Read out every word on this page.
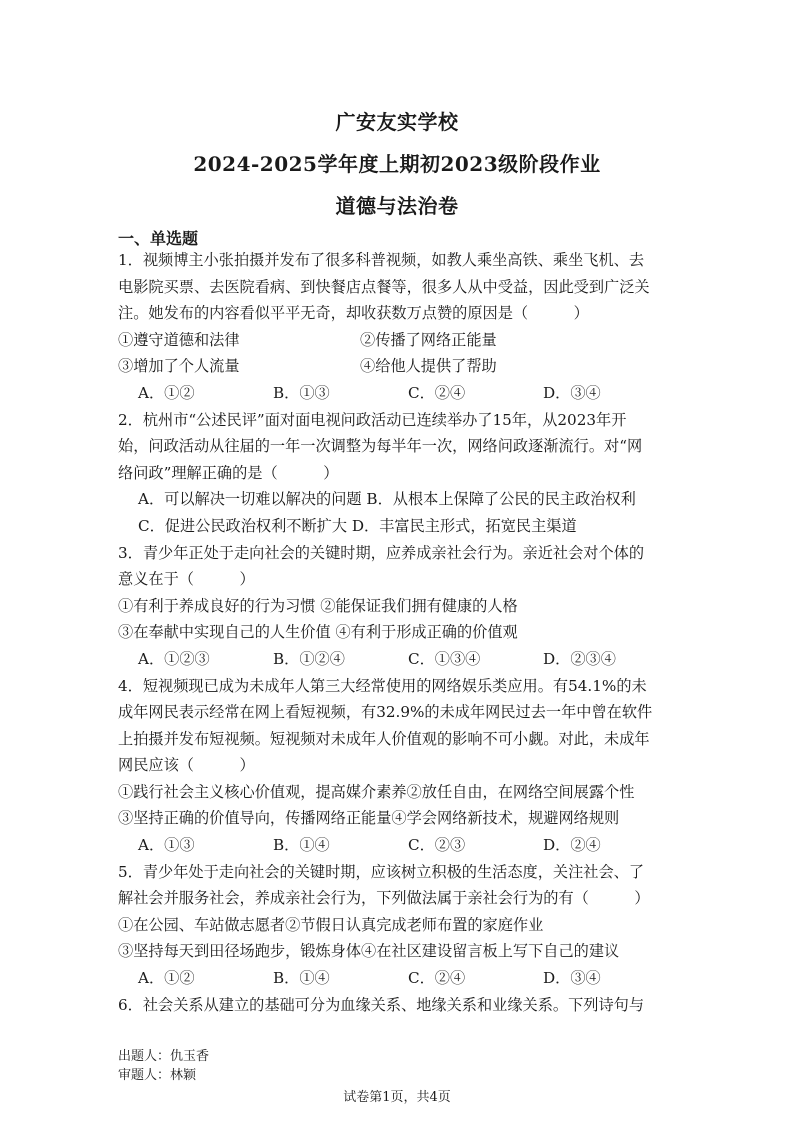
广安友实学校
2024-2025学年度上期初2023级阶段作业
道德与法治卷
一、单选题
1．视频博主小张拍摄并发布了很多科普视频，如教人乘坐高铁、乘坐飞机、去
电影院买票、去医院看病、到快餐店点餐等，很多人从中受益，因此受到广泛关
注。她发布的内容看似平平无奇，却收获数万点赞的原因是（　　　）
①遵守道德和法律	②传播了网络正能量
③增加了个人流量	④给他人提供了帮助
A．①②	B．①③	C．②④	D．③④
2．杭州市“公述民评”面对面电视问政活动已连续举办了15年，从2023年开
始，问政活动从往届的一年一次调整为每半年一次，网络问政逐渐流行。对“网
络问政”理解正确的是（　　　）
A．可以解决一切难以解决的问题 B．从根本上保障了公民的民主政治权利
C．促进公民政治权利不断扩大 D．丰富民主形式，拓宽民主渠道
3．青少年正处于走向社会的关键时期，应养成亲社会行为。亲近社会对个体的
意义在于（　　　）
①有利于养成良好的行为习惯 ②能保证我们拥有健康的人格
③在奉献中实现自己的人生价值 ④有利于形成正确的价值观
A．①②③	B．①②④	C．①③④	D．②③④
4．短视频现已成为未成年人第三大经常使用的网络娱乐类应用。有54.1%的未
成年网民表示经常在网上看短视频，有32.9%的未成年网民过去一年中曾在软件
上拍摄并发布短视频。短视频对未成年人价值观的影响不可小觑。对此，未成年
网民应该（　　　）
①践行社会主义核心价值观，提高媒介素养②放任自由，在网络空间展露个性
③坚持正确的价值导向，传播网络正能量④学会网络新技术，规避网络规则
A．①③	B．①④	C．②③	D．②④
5．青少年处于走向社会的关键时期，应该树立积极的生活态度，关注社会、了
解社会并服务社会，养成亲社会行为，下列做法属于亲社会行为的有（　　　）
①在公园、车站做志愿者②节假日认真完成老师布置的家庭作业
③坚持每天到田径场跑步，锻炼身体④在社区建设留言板上写下自己的建议
A．①②	B．①④	C．②④	D．③④
6．社会关系从建立的基础可分为血缘关系、地缘关系和业缘关系。下列诗句与
出题人：仇玉香
审题人：林颖
试卷第1页，共4页
